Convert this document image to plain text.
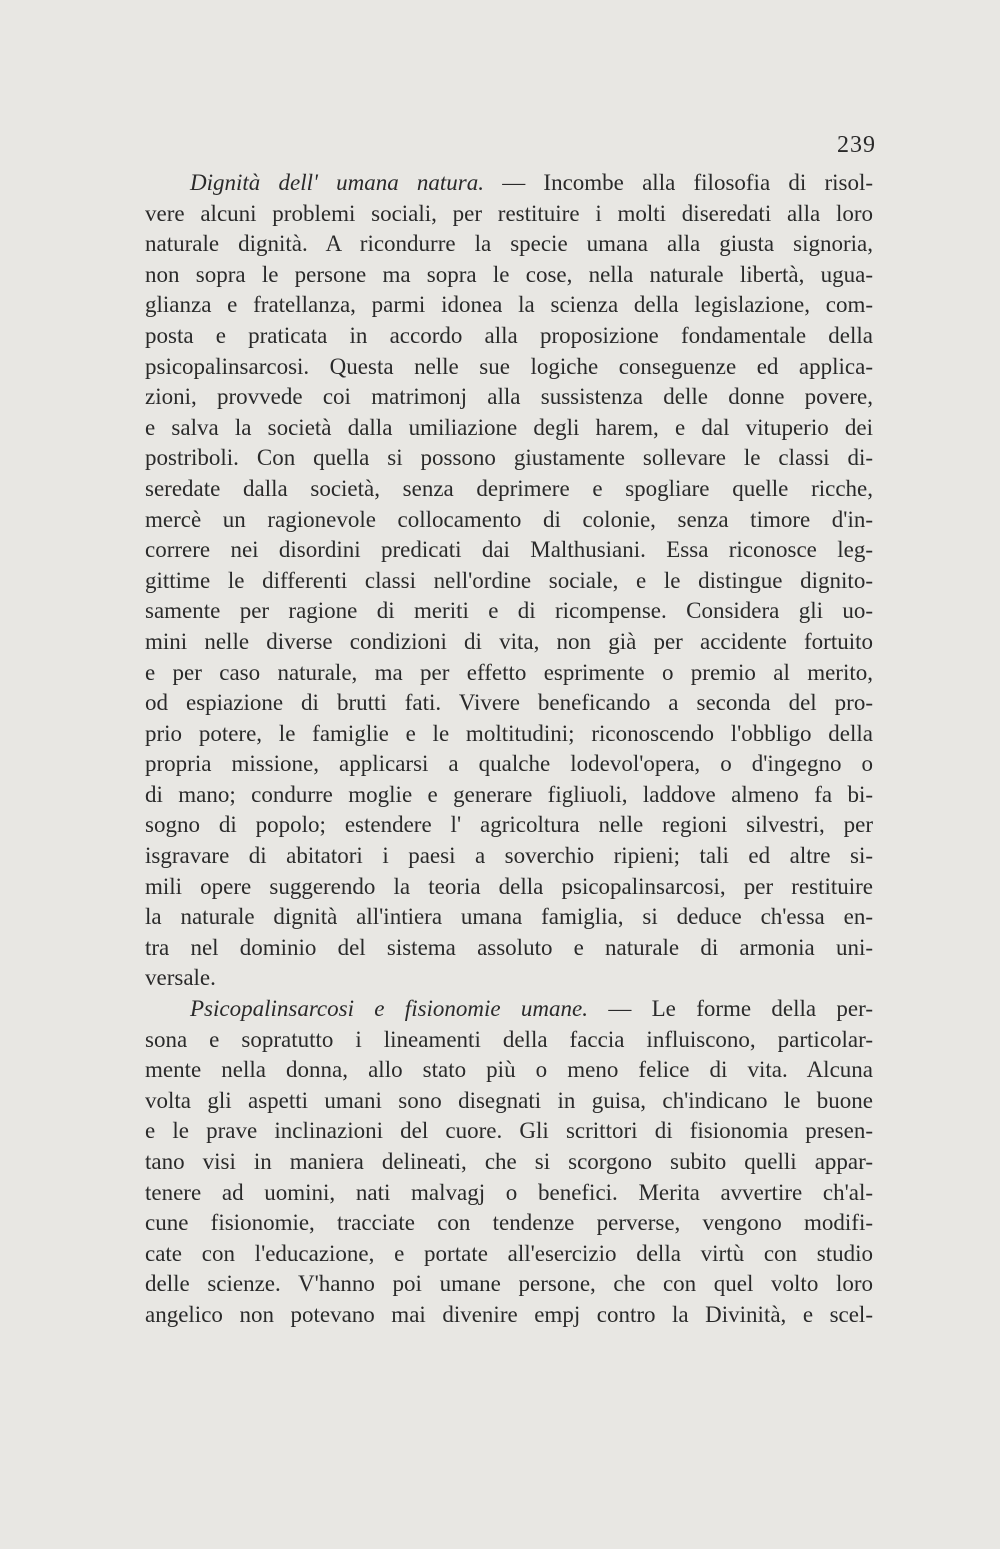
239
Dignità dell' umana natura. — Incombe alla filosofia di risol-
vere alcuni problemi sociali, per restituire i molti diseredati alla loro
naturale dignità. A ricondurre la specie umana alla giusta signoria,
non sopra le persone ma sopra le cose, nella naturale libertà, ugua-
glianza e fratellanza, parmi idonea la scienza della legislazione, com-
posta e praticata in accordo alla proposizione fondamentale della
psicopalinsarcosi. Questa nelle sue logiche conseguenze ed applica-
zioni, provvede coi matrimonj alla sussistenza delle donne povere,
e salva la società dalla umiliazione degli harem, e dal vituperio dei
postriboli. Con quella si possono giustamente sollevare le classi di-
seredate dalla società, senza deprimere e spogliare quelle ricche,
mercè un ragionevole collocamento di colonie, senza timore d'in-
correre nei disordini predicati dai Malthusiani. Essa riconosce leg-
gittime le differenti classi nell'ordine sociale, e le distingue dignito-
samente per ragione di meriti e di ricompense. Considera gli uo-
mini nelle diverse condizioni di vita, non già per accidente fortuito
e per caso naturale, ma per effetto esprimente o premio al merito,
od espiazione di brutti fati. Vivere beneficando a seconda del pro-
prio potere, le famiglie e le moltitudini; riconoscendo l'obbligo della
propria missione, applicarsi a qualche lodevol'opera, o d'ingegno o
di mano; condurre moglie e generare figliuoli, laddove almeno fa bi-
sogno di popolo; estendere l' agricoltura nelle regioni silvestri, per
isgravare di abitatori i paesi a soverchio ripieni; tali ed altre si-
mili opere suggerendo la teoria della psicopalinsarcosi, per restituire
la naturale dignità all'intiera umana famiglia, si deduce ch'essa en-
tra nel dominio del sistema assoluto e naturale di armonia uni-
versale.
Psicopalinsarcosi e fisionomie umane. — Le forme della per-
sona e sopratutto i lineamenti della faccia influiscono, particolar-
mente nella donna, allo stato più o meno felice di vita. Alcuna
volta gli aspetti umani sono disegnati in guisa, ch'indicano le buone
e le prave inclinazioni del cuore. Gli scrittori di fisionomia presen-
tano visi in maniera delineati, che si scorgono subito quelli appar-
tenere ad uomini, nati malvagj o benefici. Merita avvertire ch'al-
cune fisionomie, tracciate con tendenze perverse, vengono modifi-
cate con l'educazione, e portate all'esercizio della virtù con studio
delle scienze. V'hanno poi umane persone, che con quel volto loro
angelico non potevano mai divenire empj contro la Divinità, e scel-
